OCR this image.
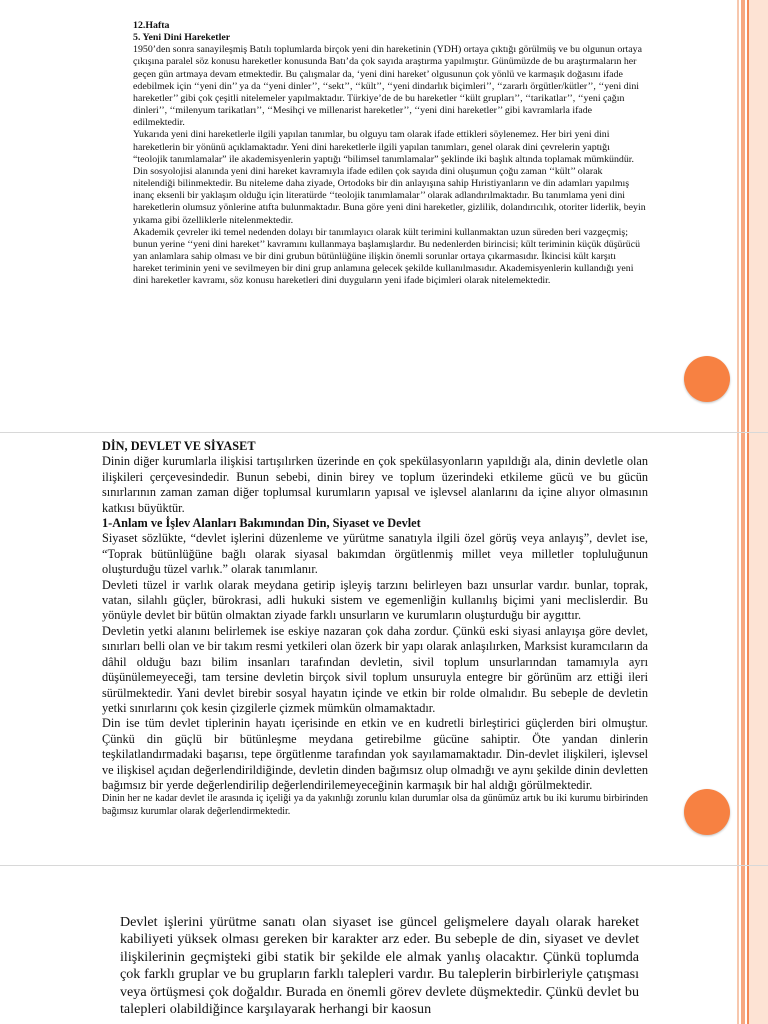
12.Hafta

5. Yeni Dini Hareketler

1950’den sonra sanayileşmiş Batılı toplumlarda birçok yeni din hareketinin (YDH) ortaya çıktığı görülmüş ve bu olgunun ortaya çıkışına paralel söz konusu hareketler konusunda Batı’da çok sayıda araştırma yapılmıştır. Günümüzde de bu araştırmaların her geçen gün artmaya devam etmektedir. Bu çalışmalar da, ‘yeni dini hareket’ olgusunun çok yönlü ve karmaşık doğasını ifade edebilmek için ‘‘yeni din’’ ya da ‘‘yeni dinler’’, ‘‘sekt’’, ‘‘kült’’, ‘‘yeni dindarlık biçimleri’’, ‘‘zararlı örgütler/kütler’’, ‘‘yeni dini hareketler’’ gibi çok çeşitli nitelemeler yapılmaktadır. Türkiye’de de bu hareketler ‘‘kült grupları’’, ‘‘tarikatlar’’, ‘‘yeni çağın dinleri’’, ‘‘milenyum tarikatları’’, ‘‘Mesihçi ve millenarist hareketler’’, ‘‘yeni dini hareketler’’ gibi kavramlarla ifade edilmektedir.

Yukarıda yeni dini hareketlerle ilgili yapılan tanımlar, bu olguyu tam olarak ifade ettikleri söylenemez. Her biri yeni dini hareketlerin bir yönünü açıklamaktadır. Yeni dini hareketlerle ilgili yapılan tanımları, genel olarak dini çevrelerin yaptığı “teolojik tanımlamalar” ile akademisyenlerin yaptığı “bilimsel tanımlamalar” şeklinde iki başlık altında toplamak mümkündür.

Din sosyolojisi alanında yeni dini hareket kavramıyla ifade edilen çok sayıda dini oluşumun çoğu zaman ‘‘kült’’ olarak nitelendiği bilinmektedir. Bu niteleme daha ziyade, Ortodoks bir din anlayışına sahip Hıristiyanların ve din adamları yapılmış inanç eksenli bir yaklaşım olduğu için literatürde ‘‘teolojik tanımlamalar’’ olarak adlandırılmaktadır. Bu tanımlama yeni dini hareketlerin olumsuz yönlerine atıfta bulunmaktadır. Buna göre yeni dini hareketler, gizlilik, dolandırıcılık, otoriter liderlik, beyin yıkama gibi özelliklerle nitelenmektedir.

Akademik çevreler iki temel nedenden dolayı bir tanımlayıcı olarak kült terimini kullanmaktan uzun süreden beri vazgeçmiş; bunun yerine ‘‘yeni dini hareket’’ kavramını kullanmaya başlamışlardır. Bu nedenlerden birincisi; kült teriminin küçük düşürücü yan anlamlara sahip olması ve bir dini grubun bütünlüğüne ilişkin önemli sorunlar ortaya çıkarmasıdır. İkincisi kült karşıtı hareket teriminin yeni ve sevilmeyen bir dini grup anlamına gelecek şekilde kullanılmasıdır. Akademisyenlerin kullandığı yeni dini hareketler kavramı, söz konusu hareketleri dini duyguların yeni ifade biçimleri olarak nitelemektedir.

DİN, DEVLET VE SİYASET

Dinin diğer kurumlarla ilişkisi tartışılırken üzerinde en çok spekülasyonların yapıldığı ala, dinin devletle olan ilişkileri çerçevesindedir. Bunun sebebi, dinin birey ve toplum üzerindeki etkileme gücü ve bu gücün sınırlarının zaman zaman diğer toplumsal kurumların yapısal ve işlevsel alanlarını da içine alıyor olmasının katkısı büyüktür.

1-Anlam ve İşlev Alanları Bakımından Din, Siyaset ve Devlet

Siyaset sözlükte, “devlet işlerini düzenleme ve yürütme sanatıyla ilgili özel görüş veya anlayış”, devlet ise, “Toprak bütünlüğüne bağlı olarak siyasal bakımdan örgütlenmiş millet veya milletler topluluğunun oluşturduğu tüzel varlık.” olarak tanımlanır.

Devleti tüzel ir varlık olarak meydana getirip işleyiş tarzını belirleyen bazı unsurlar vardır. bunlar, toprak, vatan, silahlı güçler, bürokrasi, adli hukuki sistem ve egemenliğin kullanılış biçimi yani meclislerdir. Bu yönüyle devlet bir bütün olmaktan ziyade farklı unsurların ve kurumların oluşturduğu bir aygıttır.

Devletin yetki alanını belirlemek ise eskiye nazaran çok daha zordur. Çünkü eski siyasi anlayışa göre devlet, sınırları belli olan ve bir takım resmi yetkileri olan özerk bir yapı olarak anlaşılırken, Marksist kuramcıların da dâhil olduğu bazı bilim insanları tarafından devletin, sivil toplum unsurlarından tamamıyla ayrı düşünülemeyeceği, tam tersine devletin birçok sivil toplum unsuruyla entegre bir görünüm arz ettiği ileri sürülmektedir. Yani devlet birebir sosyal hayatın içinde ve etkin bir rolde olmalıdır. Bu sebeple de devletin yetki sınırlarını çok kesin çizgilerle çizmek mümkün olmamaktadır.

Din ise tüm devlet tiplerinin hayatı içerisinde en etkin ve en kudretli birleştirici güçlerden biri olmuştur. Çünkü din güçlü bir bütünleşme meydana getirebilme gücüne sahiptir. Öte yandan dinlerin teşkilatlandırmadaki başarısı, tepe örgütlenme tarafından yok sayılamamaktadır. Din-devlet ilişkileri, işlevsel ve ilişkisel açıdan değerlendirildiğinde, devletin dinden bağımsız olup olmadığı ve aynı şekilde dinin devletten bağımsız bir yerde değerlendirilip değerlendirilemeyeceğinin karmaşık bir hal aldığı görülmektedir.

Dinin her ne kadar devlet ile arasında iç içeliği ya da yakınlığı zorunlu kılan durumlar olsa da günümüz artık bu iki kurumu birbirinden bağımsız kurumlar olarak değerlendirmektedir.

Devlet işlerini yürütme sanatı olan siyaset ise güncel gelişmelere dayalı olarak hareket kabiliyeti yüksek olması gereken bir karakter arz eder. Bu sebeple de din, siyaset ve devlet ilişkilerinin geçmişteki gibi statik bir şekilde ele almak yanlış olacaktır. Çünkü toplumda çok farklı gruplar ve bu grupların farklı talepleri vardır. Bu taleplerin birbirleriyle çatışması veya örtüşmesi çok doğaldır. Burada en önemli görev devlete düşmektedir. Çünkü devlet bu talepleri olabildiğince karşılayarak herhangi bir kaosun
